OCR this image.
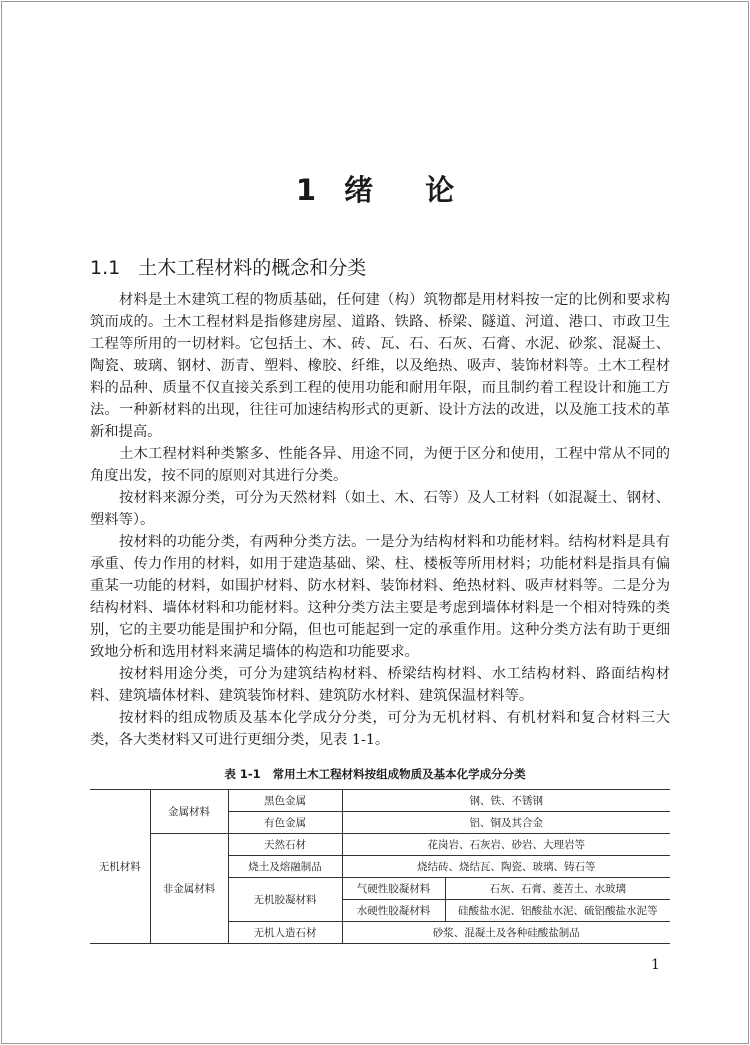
1 绪 论
1.1 土木工程材料的概念和分类
材料是土木建筑工程的物质基础，任何建（构）筑物都是用材料按一定的比例和要求构
筑而成的。土木工程材料是指修建房屋、道路、铁路、桥梁、隧道、河道、港口、市政卫生
工程等所用的一切材料。它包括土、木、砖、瓦、石、石灰、石膏、水泥、砂浆、混凝土、
陶瓷、玻璃、钢材、沥青、塑料、橡胶、纤维，以及绝热、吸声、装饰材料等。土木工程材
料的品种、质量不仅直接关系到工程的使用功能和耐用年限，而且制约着工程设计和施工方
法。一种新材料的出现，往往可加速结构形式的更新、设计方法的改进，以及施工技术的革
新和提高。
土木工程材料种类繁多、性能各异、用途不同，为便于区分和使用，工程中常从不同的
角度出发，按不同的原则对其进行分类。
按材料来源分类，可分为天然材料（如土、木、石等）及人工材料（如混凝土、钢材、
塑料等）。
按材料的功能分类，有两种分类方法。一是分为结构材料和功能材料。结构材料是具有
承重、传力作用的材料，如用于建造基础、梁、柱、楼板等所用材料；功能材料是指具有偏
重某一功能的材料，如围护材料、防水材料、装饰材料、绝热材料、吸声材料等。二是分为
结构材料、墙体材料和功能材料。这种分类方法主要是考虑到墙体材料是一个相对特殊的类
别，它的主要功能是围护和分隔，但也可能起到一定的承重作用。这种分类方法有助于更细
致地分析和选用材料来满足墙体的构造和功能要求。
按材料用途分类，可分为建筑结构材料、桥梁结构材料、水工结构材料、路面结构材
料、建筑墙体材料、建筑装饰材料、建筑防水材料、建筑保温材料等。
按材料的组成物质及基本化学成分分类，可分为无机材料、有机材料和复合材料三大
类，各大类材料又可进行更细分类，见表 1-1。
表 1-1 常用土木工程材料按组成物质及基本化学成分分类
无机材料	金属材料	黑色金属	钢、铁、不锈钢	
		有色金属	铝、铜及其合金	
	非金属材料	天然石材	花岗岩、石灰岩、砂岩、大理岩等	
		烧土及熔融制品	烧结砖、烧结瓦、陶瓷、玻璃、铸石等	
		无机胶凝材料	气硬性胶凝材料	石灰、石膏、菱苦土、水玻璃
			水硬性胶凝材料	硅酸盐水泥、铝酸盐水泥、硫铝酸盐水泥等
		无机人造石材	砂浆、混凝土及各种硅酸盐制品	
1
